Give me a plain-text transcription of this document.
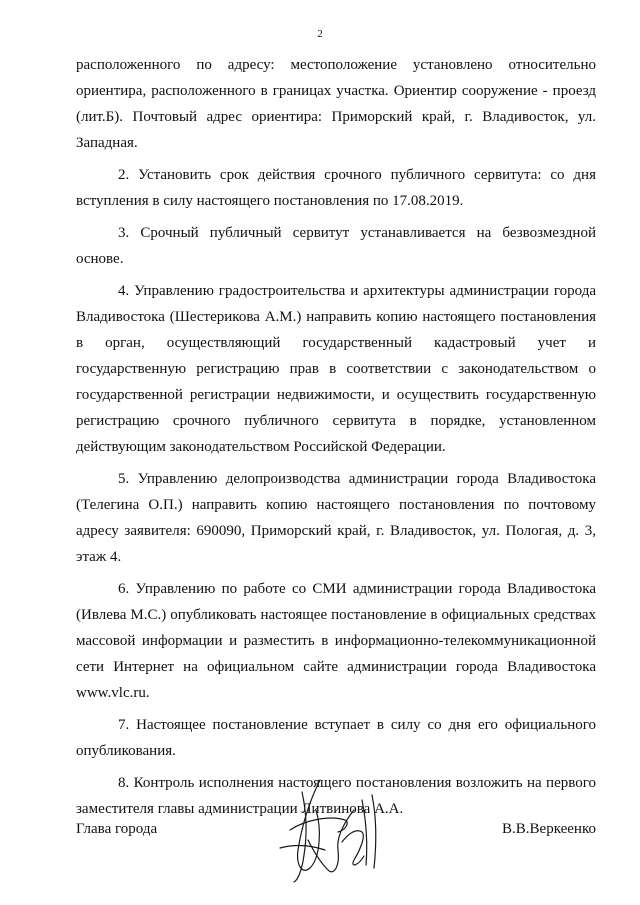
2

расположенного по адресу: местоположение установлено относительно ориентира, расположенного в границах участка. Ориентир сооружение - проезд (лит.Б). Почтовый адрес ориентира: Приморский край, г. Владивосток, ул. Западная.

2. Установить срок действия срочного публичного сервитута: со дня вступления в силу настоящего постановления по 17.08.2019.

3. Срочный публичный сервитут устанавливается на безвозмездной основе.

4. Управлению градостроительства и архитектуры администрации города Владивостока (Шестерикова А.М.) направить копию настоящего постановления в орган, осуществляющий государственный кадастровый учет и государственную регистрацию прав в соответствии с законодательством о государственной регистрации недвижимости, и осуществить государственную регистрацию срочного публичного сервитута в порядке, установленном действующим законодательством Российской Федерации.

5. Управлению делопроизводства администрации города Владивостока (Телегина О.П.) направить копию настоящего постановления по почтовому адресу заявителя: 690090, Приморский край, г. Владивосток, ул. Пологая, д. 3, этаж 4.

6. Управлению по работе со СМИ администрации города Владивостока (Ивлева М.С.) опубликовать настоящее постановление в официальных средствах массовой информации и разместить в информационно-телекоммуникационной сети Интернет на официальном сайте администрации города Владивостока www.vlc.ru.

7. Настоящее постановление вступает в силу со дня его официального опубликования.

8. Контроль исполнения настоящего постановления возложить на первого заместителя главы администрации Литвинова А.А.

Глава города	В.В.Веркеенко
